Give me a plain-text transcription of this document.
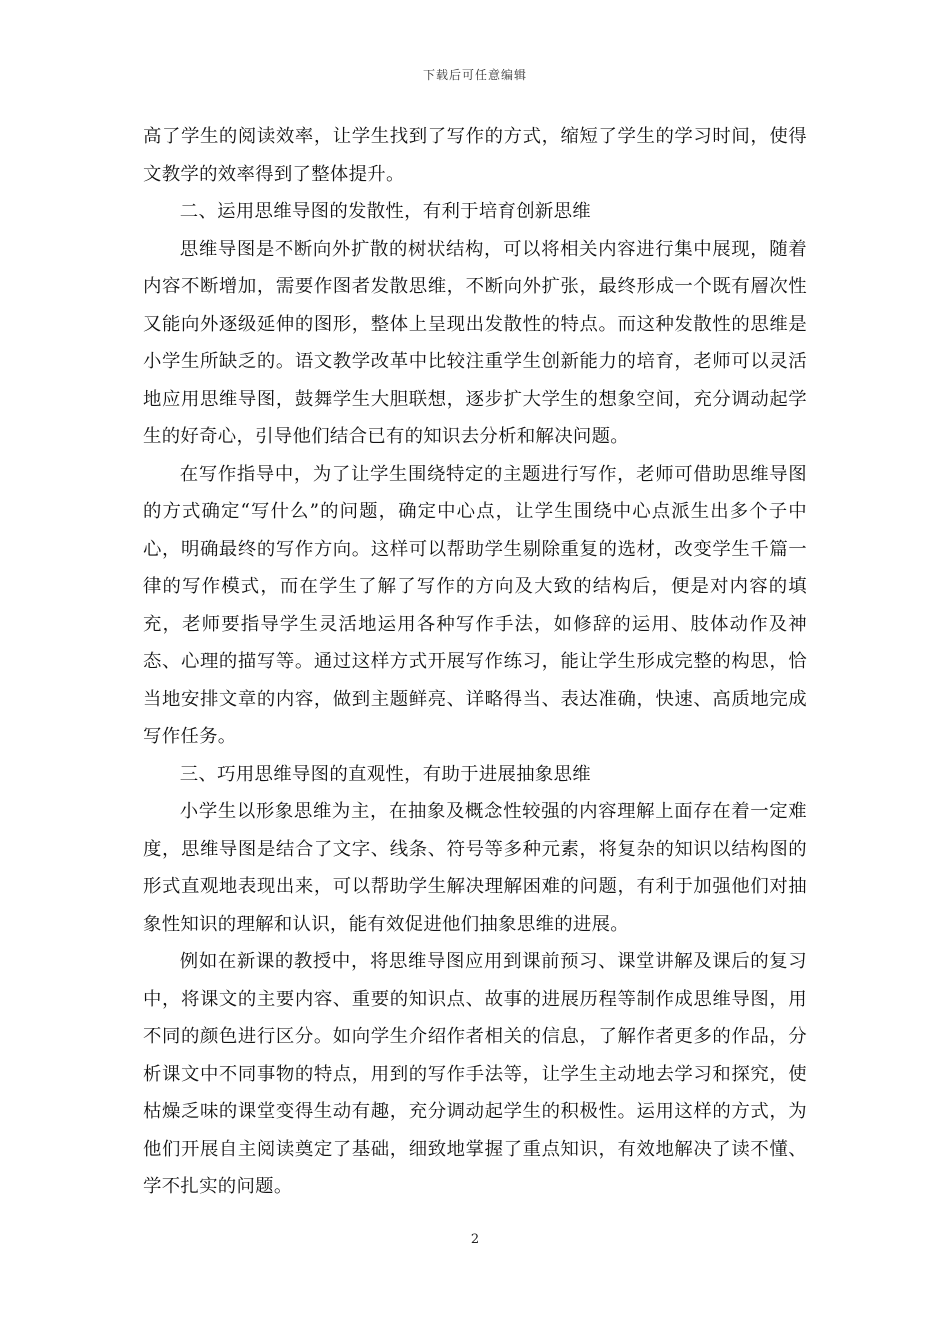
下载后可任意编辑

高了学生的阅读效率，让学生找到了写作的方式，缩短了学生的学习时间，使得文教学的效率得到了整体提升。

二、运用思维导图的发散性，有利于培育创新思维

思维导图是不断向外扩散的树状结构，可以将相关内容进行集中展现，随着内容不断增加，需要作图者发散思维，不断向外扩张，最终形成一个既有層次性又能向外逐级延伸的图形，整体上呈现出发散性的特点。而这种发散性的思维是小学生所缺乏的。语文教学改革中比较注重学生创新能力的培育，老师可以灵活地应用思维导图，鼓舞学生大胆联想，逐步扩大学生的想象空间，充分调动起学生的好奇心，引导他们结合已有的知识去分析和解决问题。

在写作指导中，为了让学生围绕特定的主题进行写作，老师可借助思维导图的方式确定“写什么”的问题，确定中心点，让学生围绕中心点派生出多个子中心，明确最终的写作方向。这样可以帮助学生剔除重复的选材，改变学生千篇一律的写作模式，而在学生了解了写作的方向及大致的结构后，便是对内容的填充，老师要指导学生灵活地运用各种写作手法，如修辞的运用、肢体动作及神态、心理的描写等。通过这样方式开展写作练习，能让学生形成完整的构思，恰当地安排文章的内容，做到主题鲜亮、详略得当、表达准确，快速、高质地完成写作任务。

三、巧用思维导图的直观性，有助于进展抽象思维

小学生以形象思维为主，在抽象及概念性较强的内容理解上面存在着一定难度，思维导图是结合了文字、线条、符号等多种元素，将复杂的知识以结构图的形式直观地表现出来，可以帮助学生解决理解困难的问题，有利于加强他们对抽象性知识的理解和认识，能有效促进他们抽象思维的进展。

例如在新课的教授中，将思维导图应用到课前预习、课堂讲解及课后的复习中，将课文的主要内容、重要的知识点、故事的进展历程等制作成思维导图，用不同的颜色进行区分。如向学生介绍作者相关的信息，了解作者更多的作品，分析课文中不同事物的特点，用到的写作手法等，让学生主动地去学习和探究，使枯燥乏味的课堂变得生动有趣，充分调动起学生的积极性。运用这样的方式，为他们开展自主阅读奠定了基础，细致地掌握了重点知识，有效地解决了读不懂、学不扎实的问题。

2
